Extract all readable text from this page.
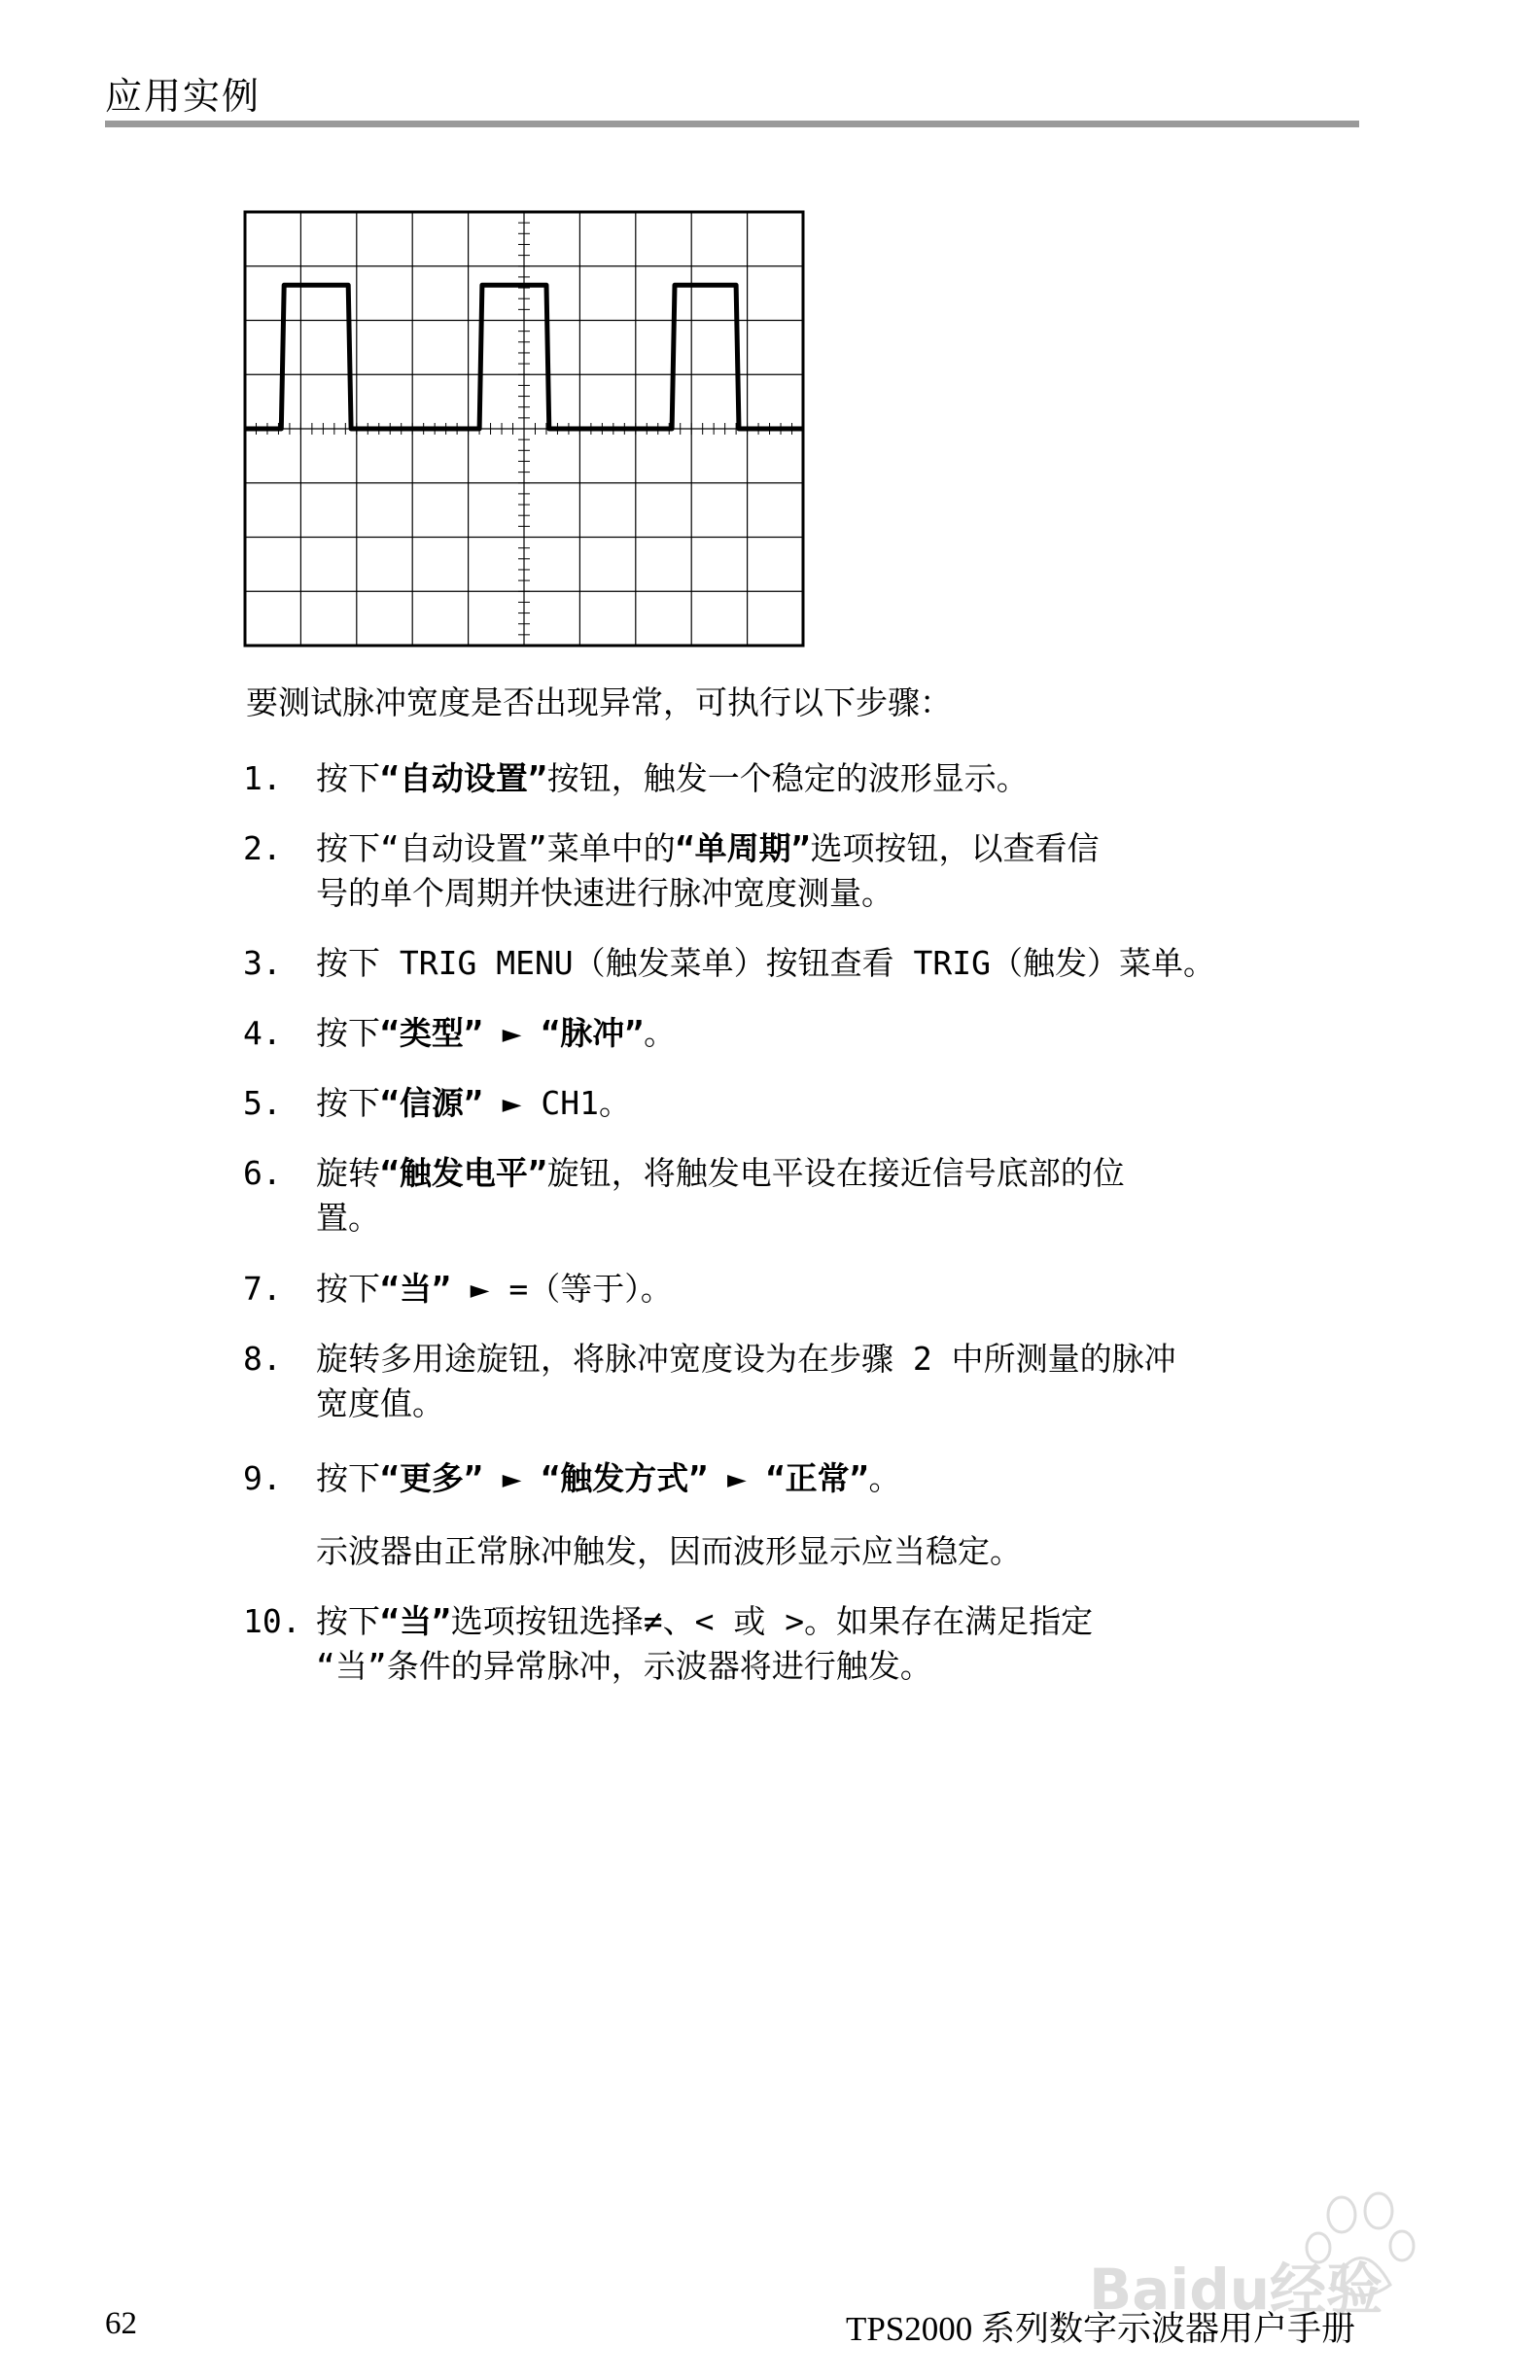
应用实例
要测试脉冲宽度是否出现异常，可执行以下步骤：
1. 按下“自动设置”按钮，触发一个稳定的波形显示。
2. 按下“自动设置”菜单中的“单周期”选项按钮，以查看信
号的单个周期并快速进行脉冲宽度测量。
3. 按下 TRIG MENU（触发菜单）按钮查看 TRIG（触发）菜单。
4. 按下“类型” ► “脉冲”。
5. 按下“信源” ► CH1。
6. 旋转“触发电平”旋钮，将触发电平设在接近信号底部的位
置。
7. 按下“当” ► =（等于）。
8. 旋转多用途旋钮，将脉冲宽度设为在步骤 2 中所测量的脉冲
宽度值。
9. 按下“更多” ► “触发方式” ► “正常”。
10. 按下“当”选项按钮选择≠、< 或 >。如果存在满足指定
“当”条件的异常脉冲，示波器将进行触发。
示波器由正常脉冲触发，因而波形显示应当稳定。
62	TPS2000 系列数字示波器用户手册
Baidu经验
